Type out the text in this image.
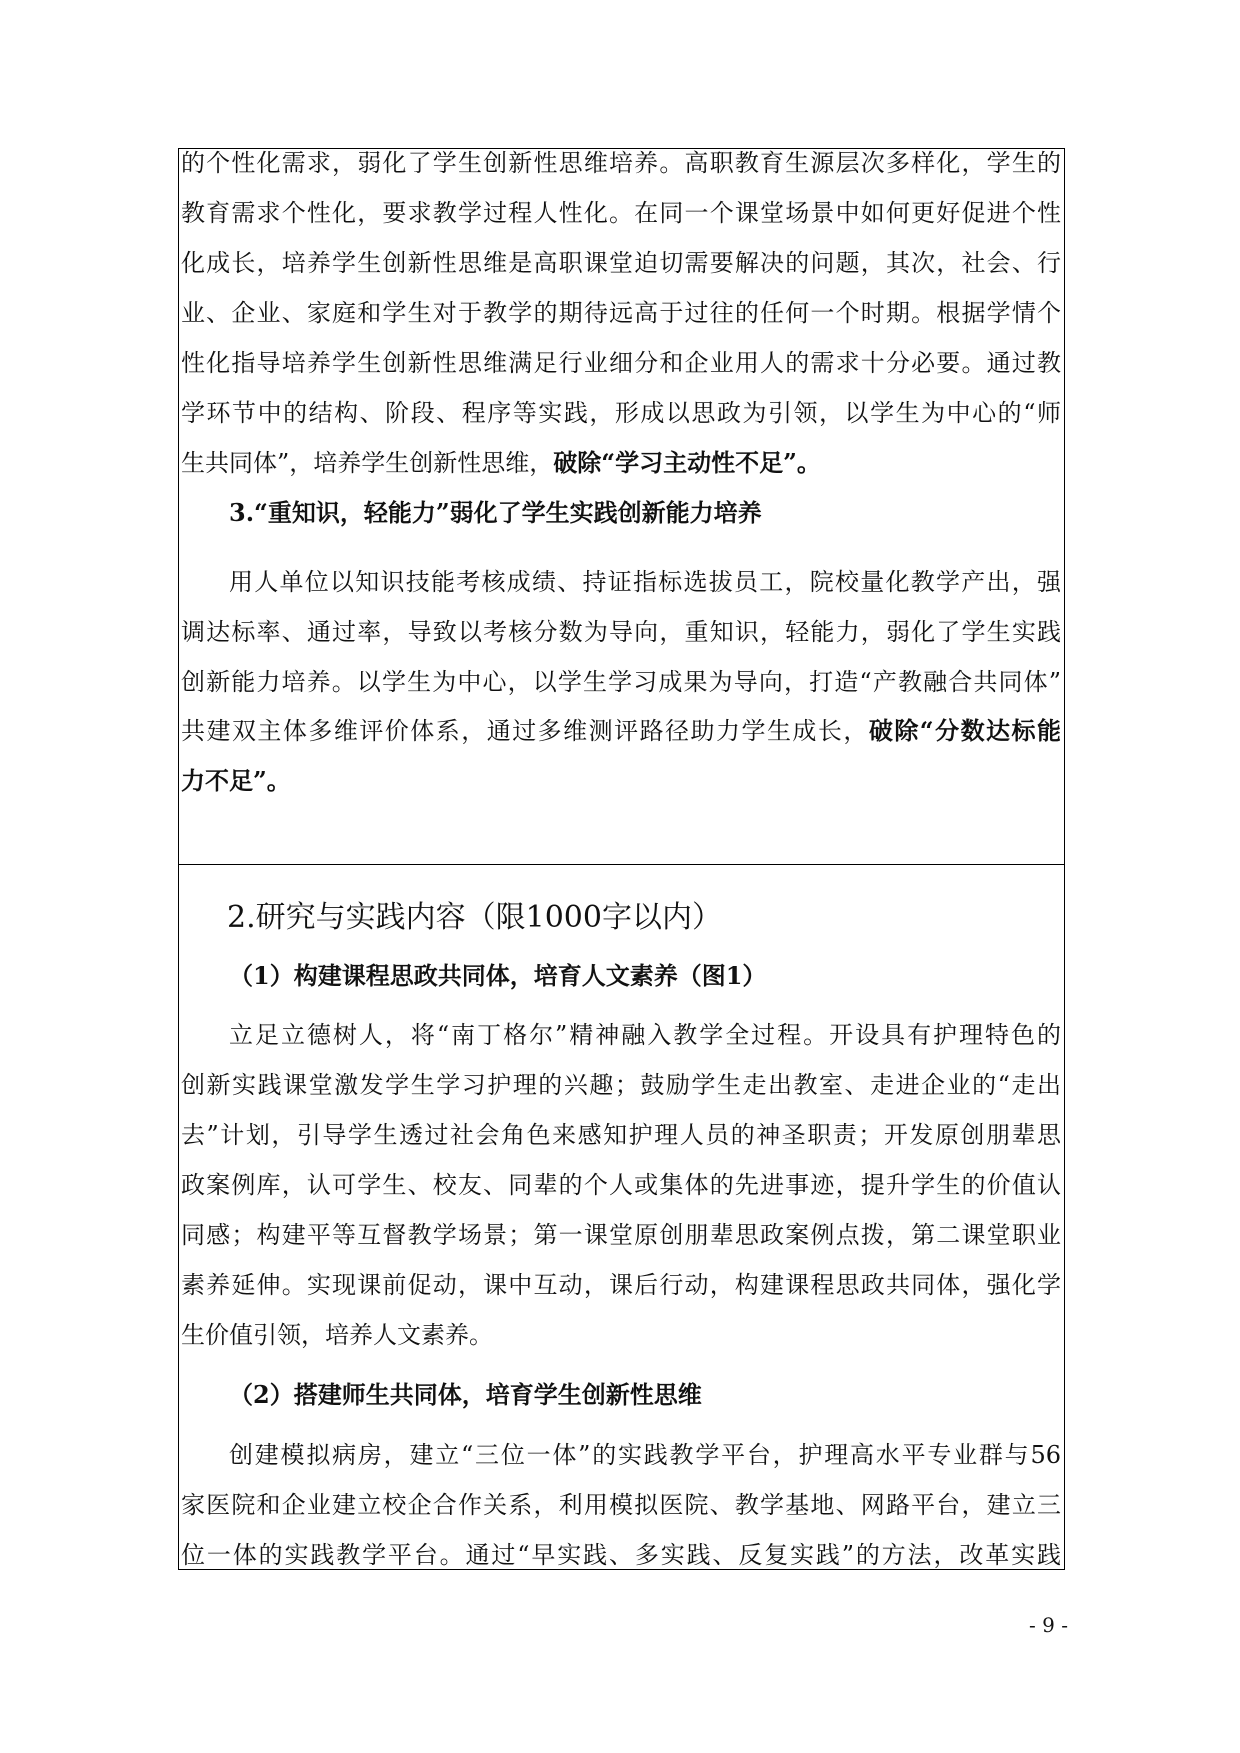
的个性化需求，弱化了学生创新性思维培养。高职教育生源层次多样化，学生的
教育需求个性化，要求教学过程人性化。在同一个课堂场景中如何更好促进个性
化成长，培养学生创新性思维是高职课堂迫切需要解决的问题，其次，社会、行
业、企业、家庭和学生对于教学的期待远高于过往的任何一个时期。根据学情个
性化指导培养学生创新性思维满足行业细分和企业用人的需求十分必要。通过教
学环节中的结构、阶段、程序等实践，形成以思政为引领，以学生为中心的“师
生共同体”，培养学生创新性思维，破除“学习主动性不足”。
3.“重知识，轻能力”弱化了学生实践创新能力培养
用人单位以知识技能考核成绩、持证指标选拔员工，院校量化教学产出，强
调达标率、通过率，导致以考核分数为导向，重知识，轻能力，弱化了学生实践
创新能力培养。以学生为中心，以学生学习成果为导向，打造“产教融合共同体”
共建双主体多维评价体系，通过多维测评路径助力学生成长，破除“分数达标能
力不足”。
2.研究与实践内容（限1000字以内）
（1）构建课程思政共同体，培育人文素养（图1）
立足立德树人，将“南丁格尔”精神融入教学全过程。开设具有护理特色的
创新实践课堂激发学生学习护理的兴趣；鼓励学生走出教室、走进企业的“走出
去”计划，引导学生透过社会角色来感知护理人员的神圣职责；开发原创朋辈思
政案例库，认可学生、校友、同辈的个人或集体的先进事迹，提升学生的价值认
同感；构建平等互督教学场景；第一课堂原创朋辈思政案例点拨，第二课堂职业
素养延伸。实现课前促动，课中互动，课后行动，构建课程思政共同体，强化学
生价值引领，培养人文素养。
（2）搭建师生共同体，培育学生创新性思维
创建模拟病房，建立“三位一体”的实践教学平台，护理高水平专业群与56
家医院和企业建立校企合作关系，利用模拟医院、教学基地、网路平台，建立三
位一体的实践教学平台。通过“早实践、多实践、反复实践”的方法，改革实践
- 9 -
